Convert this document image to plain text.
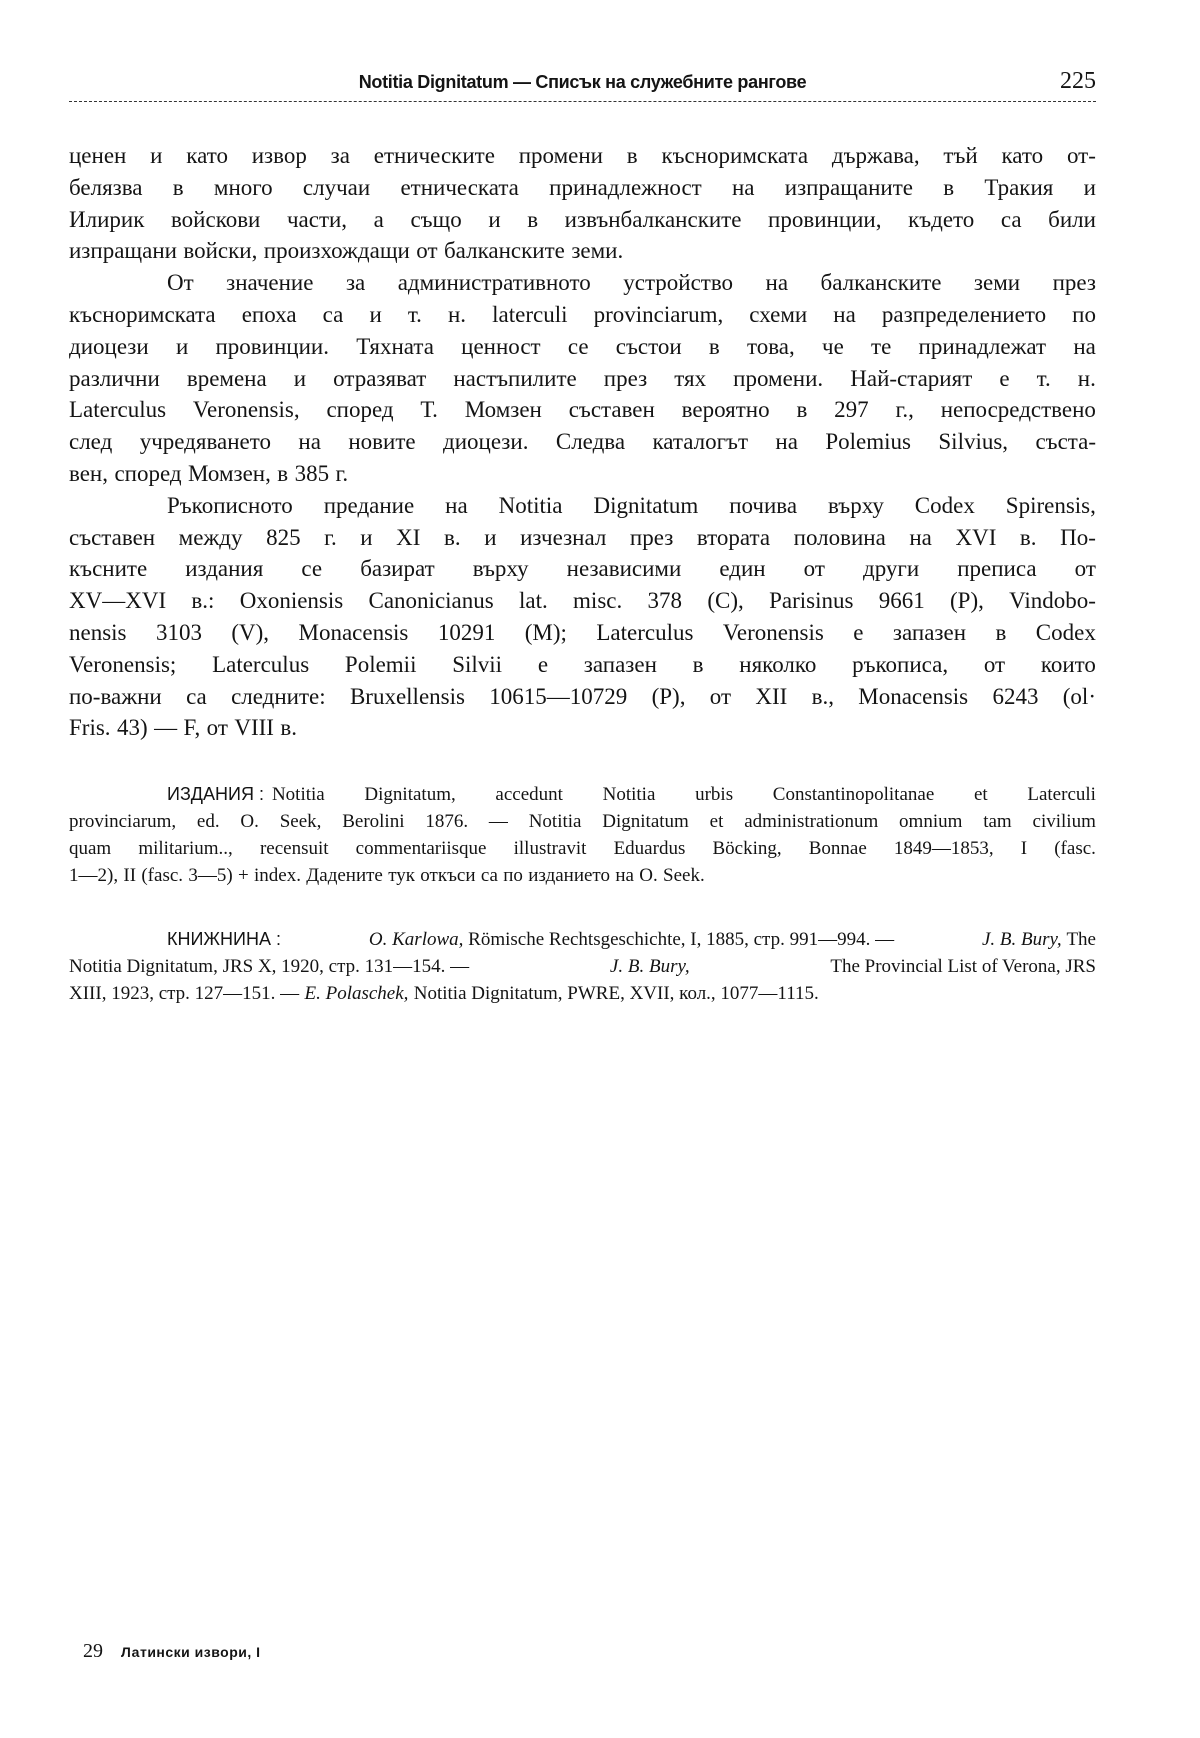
Notitia Dignitatum — Списък на служебните рангове	225
ценен и като извор за етническите промени в къснoримската държава, тъй като от-
белязва в много случаи етническата принадлежност на изпращаните в Тракия и
Илирик войскови части, а също и в извънбалканските провинции, където са били
изпращани войски, произхождащи от балканските земи.
От значение за административното устройство на балканските земи през
късноримската епоха са и т. н. laterculi provinciarum, схеми на разпределението по
диоцези и провинции. Тяхната ценност се състои в това, че те принадлежат на
различни времена и отразяват настъпилите през тях промени. Най-старият е т. н.
Laterculus Veronensis, според Т. Момзен съставен вероятно в 297 г., непосредствено
след учредяването на новите диоцези. Следва каталогът на Polemius Silvius, съста-
вен, според Момзен, в 385 г.
Ръкописното предание на Notitia Dignitatum почива върху Codex Spirensis,
съставен между 825 г. и XI в. и изчезнал през втората половина на XVI в. По-
късните издания се базират върху независими един от други преписа от
XV—XVI в.: Oxoniensis Canonicianus lat. misc. 378 (C), Parisinus 9661 (P), Vindobo-
nensis 3103 (V), Monacensis 10291 (M); Laterculus Veronensis е запазен в Codex
Veronensis; Laterculus Polemii Silvii е запазен в няколко ръкописа, от които
по-важни са следните: Bruxellensis 10615—10729 (P), от XII в., Monacensis 6243 (ol·
Fris. 43) — F, от VIII в.
ИЗДАНИЯ : Notitia Dignitatum, accedunt Notitia urbis Constantinopolitanae et Laterculi
provinciarum, ed. O. Seek, Berolini 1876. — Notitia Dignitatum et administrationum omnium tam civilium
quam militarium.., recensuit commentariisque illustravit Eduardus Böcking, Bonnae 1849—1853, I (fasc.
1—2), II (fasc. 3—5) + index. Дадените тук откъси са по изданието на O. Seek.
КНИЖНИНА :	O. Karlowa, Römische Rechtsgeschichte, I, 1885, стр. 991—994. —	J. B. Bury, The
Notitia Dignitatum, JRS X, 1920, стр. 131—154. —	J. B. Bury,	The Provincial List of Verona, JRS
XIII, 1923, стр. 127—151. — E. Polaschek, Notitia Dignitatum, PWRE, XVII, кол., 1077—1115.
29 Латински извори, I
